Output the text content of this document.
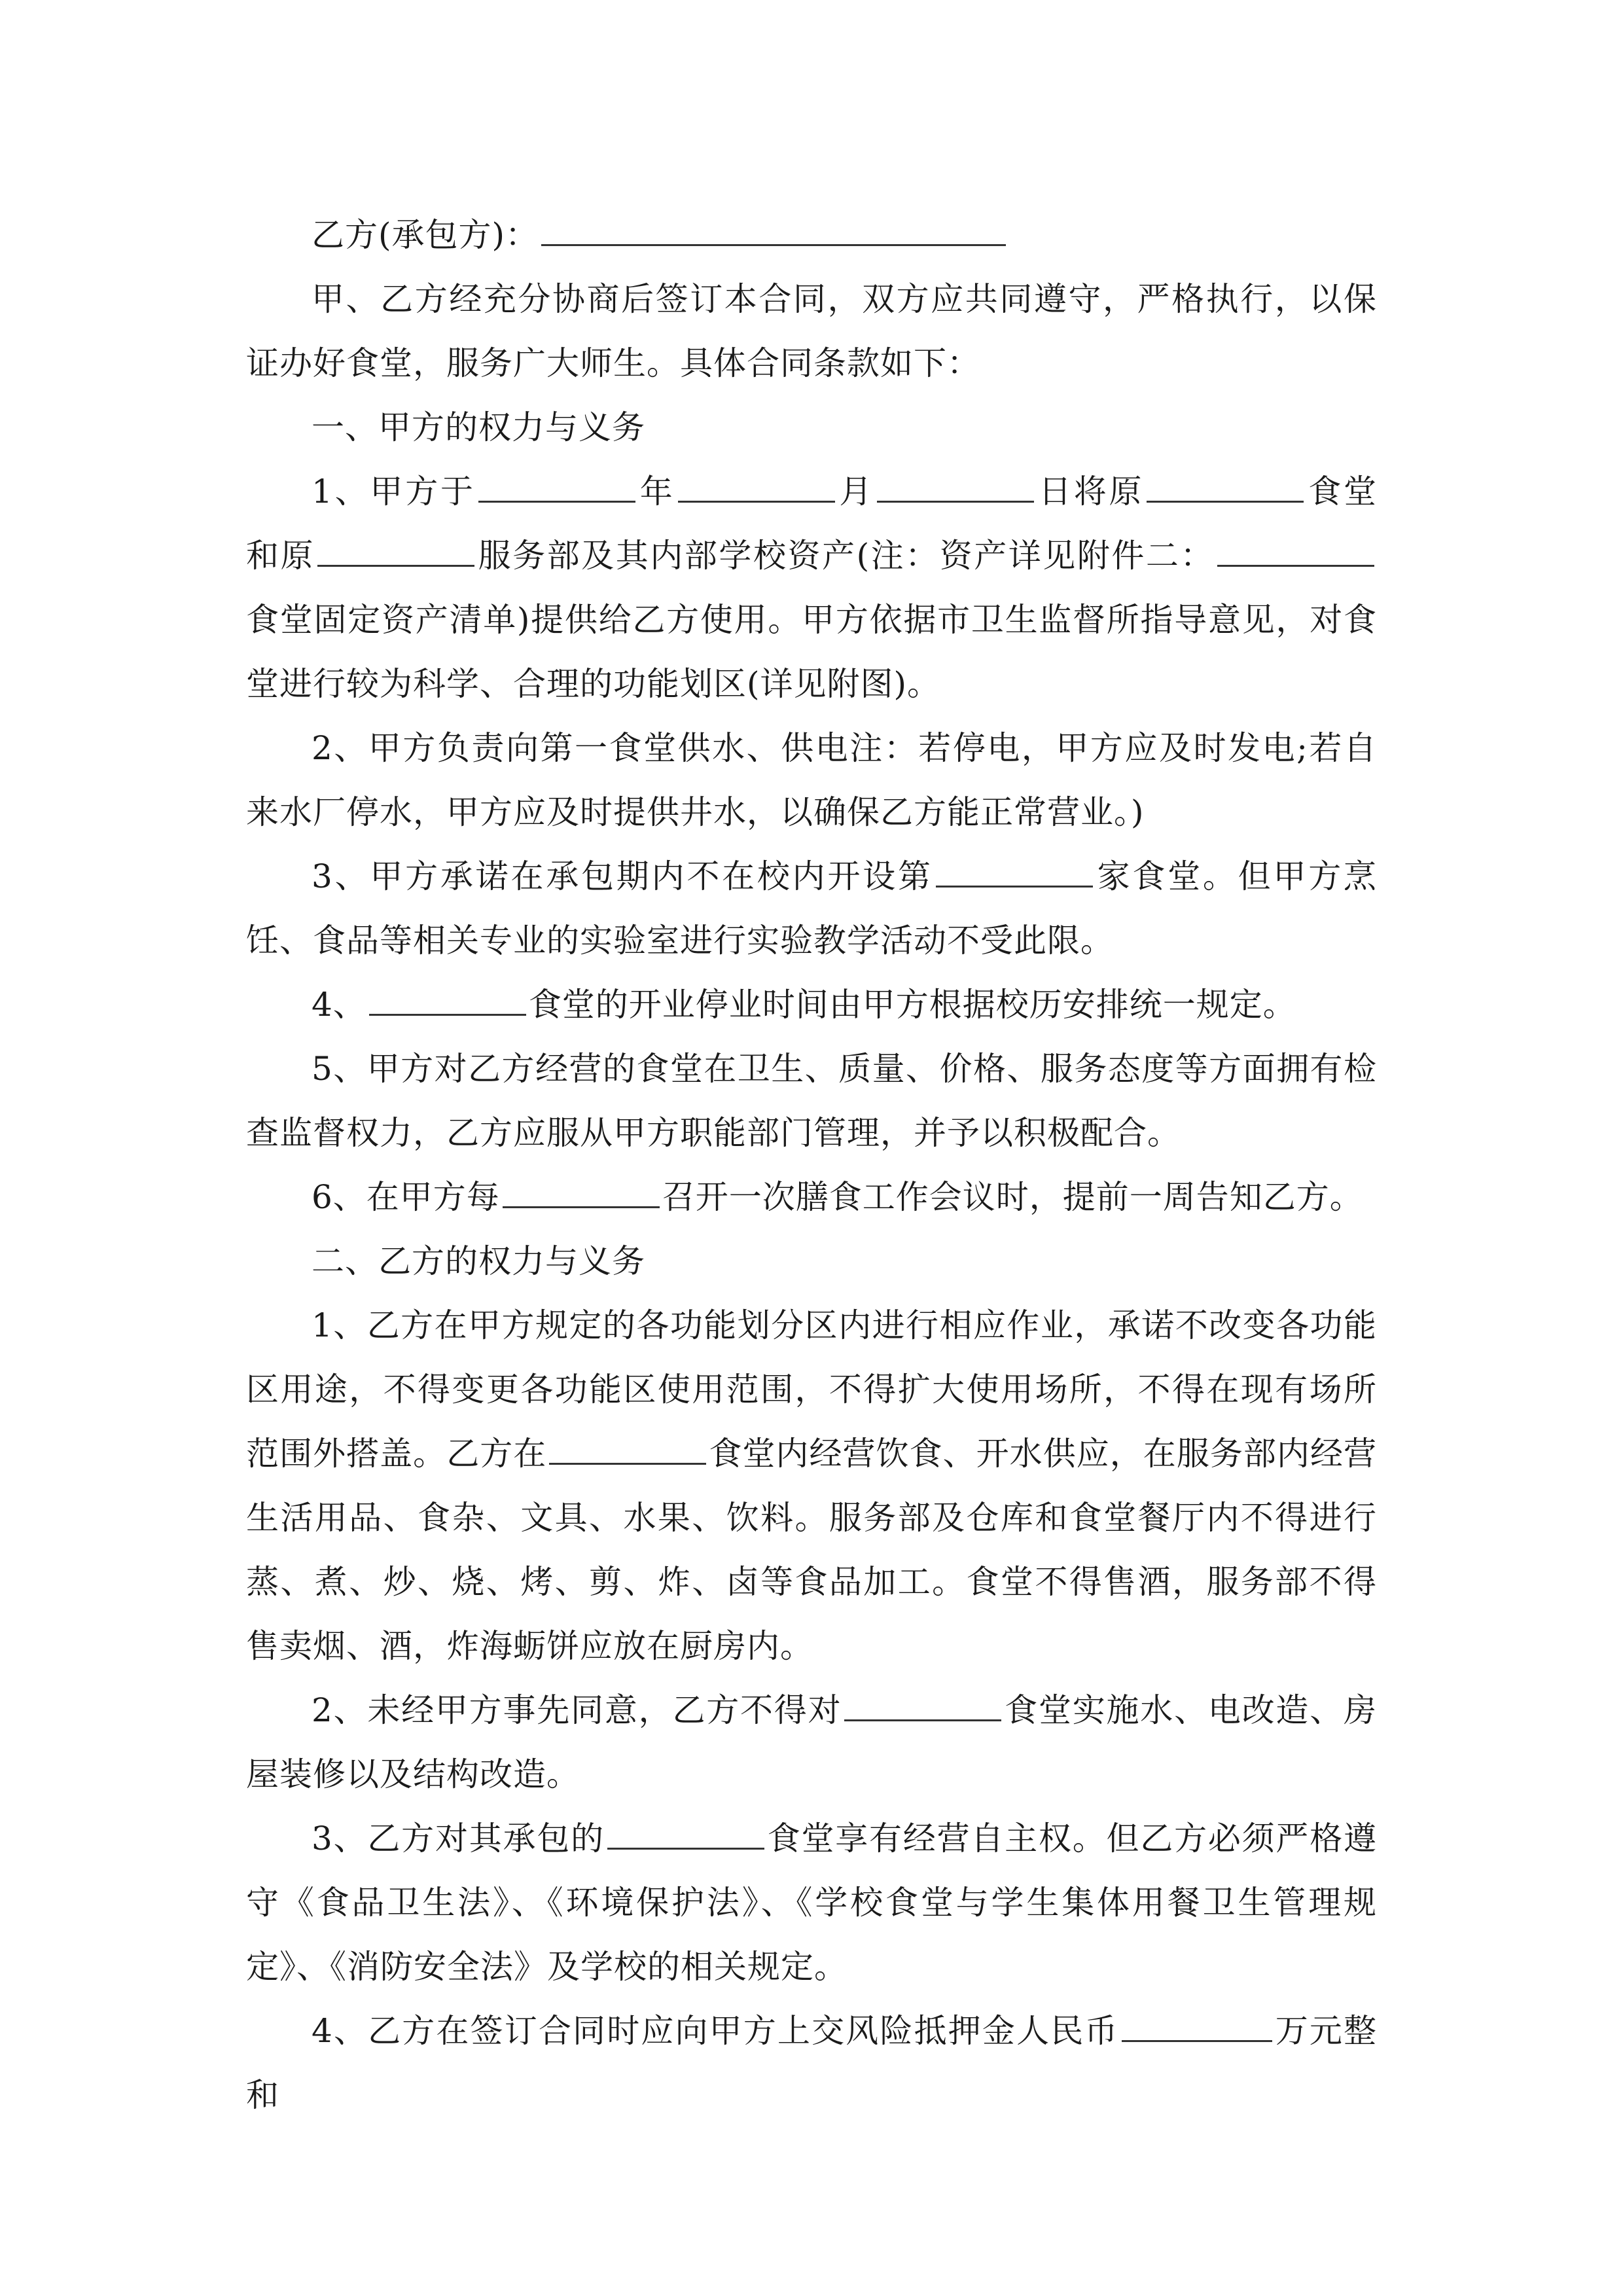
乙方(承包方)：

甲、乙方经充分协商后签订本合同，双方应共同遵守，严格执行，以保证办好食堂，服务广大师生。具体合同条款如下：

一、甲方的权力与义务

1、甲方于	年	月	日将原	食堂和原	服务部及其内部学校资产(注：资产详见附件二：食堂固定资产清单)提供给乙方使用。甲方依据市卫生监督所指导意见，对食堂进行较为科学、合理的功能划区(详见附图)。

2、甲方负责向第一食堂供水、供电注：若停电，甲方应及时发电;若自来水厂停水，甲方应及时提供井水，以确保乙方能正常营业。)

3、甲方承诺在承包期内不在校内开设第	家食堂。但甲方烹饪、食品等相关专业的实验室进行实验教学活动不受此限。

4、	食堂的开业停业时间由甲方根据校历安排统一规定。

5、甲方对乙方经营的食堂在卫生、质量、价格、服务态度等方面拥有检查监督权力，乙方应服从甲方职能部门管理，并予以积极配合。

6、在甲方每	召开一次膳食工作会议时，提前一周告知乙方。

二、乙方的权力与义务

1、乙方在甲方规定的各功能划分区内进行相应作业，承诺不改变各功能区用途，不得变更各功能区使用范围，不得扩大使用场所，不得在现有场所范围外搭盖。乙方在	食堂内经营饮食、开水供应，在服务部内经营生活用品、食杂、文具、水果、饮料。服务部及仓库和食堂餐厅内不得进行蒸、煮、炒、烧、烤、剪、炸、卤等食品加工。食堂不得售酒，服务部不得售卖烟、酒，炸海蛎饼应放在厨房内。

2、未经甲方事先同意，乙方不得对	食堂实施水、电改造、房屋装修以及结构改造。

3、乙方对其承包的	食堂享有经营自主权。但乙方必须严格遵守《食品卫生法》、《环境保护法》、《学校食堂与学生集体用餐卫生管理规定》、《消防安全法》及学校的相关规定。

4、乙方在签订合同时应向甲方上交风险抵押金人民币	万元整和
